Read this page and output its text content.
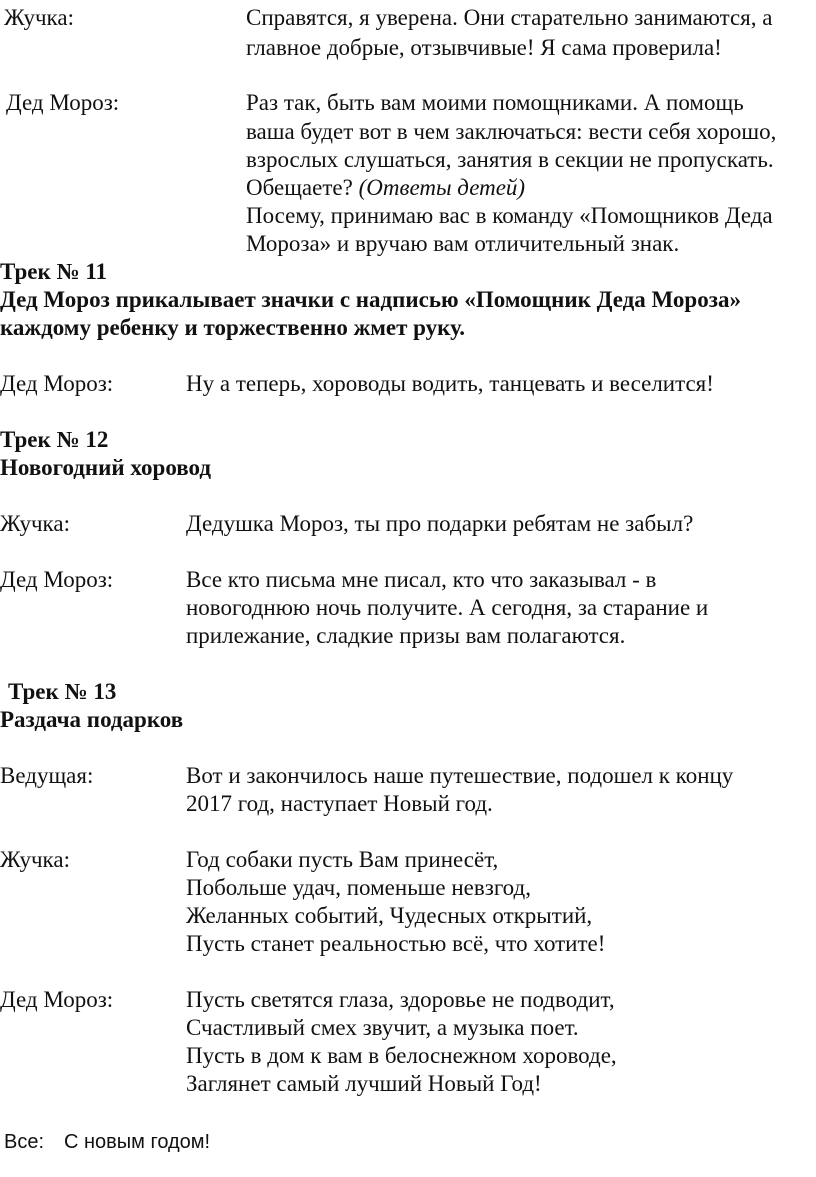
Жучка:	Справятся, я уверена. Они старательно занимаются, а
главное добрые, отзывчивые! Я сама проверила!
Дед Мороз:	Раз так, быть вам моими помощниками. А помощь
ваша будет вот в чем заключаться: вести себя хорошо,
взрослых слушаться, занятия в секции не пропускать.
Обещаете? (Ответы детей)
Посему, принимаю вас в команду «Помощников Деда
Мороза» и вручаю вам отличительный знак.
Трек № 11
Дед Мороз прикалывает значки с надписью «Помощник Деда Мороза»
каждому ребенку и торжественно жмет руку.
Дед Мороз:	Ну а теперь, хороводы водить, танцевать и веселится!
Трек № 12
Новогодний хоровод
Жучка:	Дедушка Мороз, ты про подарки ребятам не забыл?
Дед Мороз:	Все кто письма мне писал, кто что заказывал - в
новогоднюю ночь получите. А сегодня, за старание и
прилежание, сладкие призы вам полагаются.
Трек № 13
Раздача подарков
Ведущая:	Вот и закончилось наше путешествие, подошел к концу
2017 год, наступает Новый год.
Жучка:	Год собаки пусть Вам принесёт,
Побольше удач, поменьше невзгод,
Желанных событий, Чудесных открытий,
Пусть станет реальностью всё, что хотите!
Дед Мороз:	Пусть светятся глаза, здоровье не подводит,
Счастливый смех звучит, а музыка поет.
Пусть в дом к вам в белоснежном хороводе,
Заглянет самый лучший Новый Год!
Все: С новым годом!
